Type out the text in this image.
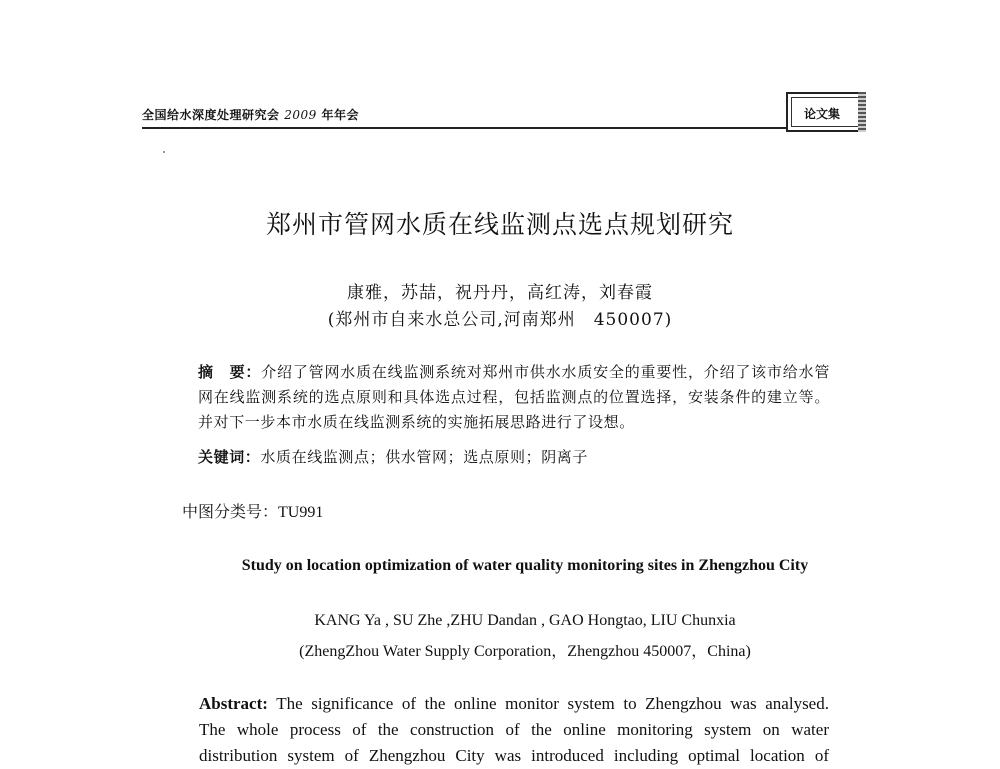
全国给水深度处理研究会 2009 年年会	论文集
郑州市管网水质在线监测点选点规划研究
康雅，苏喆，祝丹丹，高红涛，刘春霞
(郑州市自来水总公司,河南郑州　450007)
摘　要：介绍了管网水质在线监测系统对郑州市供水水质安全的重要性，介绍了该市给水管网在线监测系统的选点原则和具体选点过程，包括监测点的位置选择，安装条件的建立等。并对下一步本市水质在线监测系统的实施拓展思路进行了设想。
关键词：水质在线监测点；供水管网；选点原则；阴离子
中图分类号：TU991
Study on location optimization of water quality monitoring sites in Zhengzhou City
KANG Ya , SU Zhe ,ZHU Dandan , GAO Hongtao, LIU Chunxia
(ZhengZhou Water Supply Corporation，Zhengzhou 450007，China)
Abstract: The significance of the online monitor system to Zhengzhou was analysed.
The whole process of the construction of the online monitoring system on water
distribution system of Zhengzhou City was introduced including optimal location of
